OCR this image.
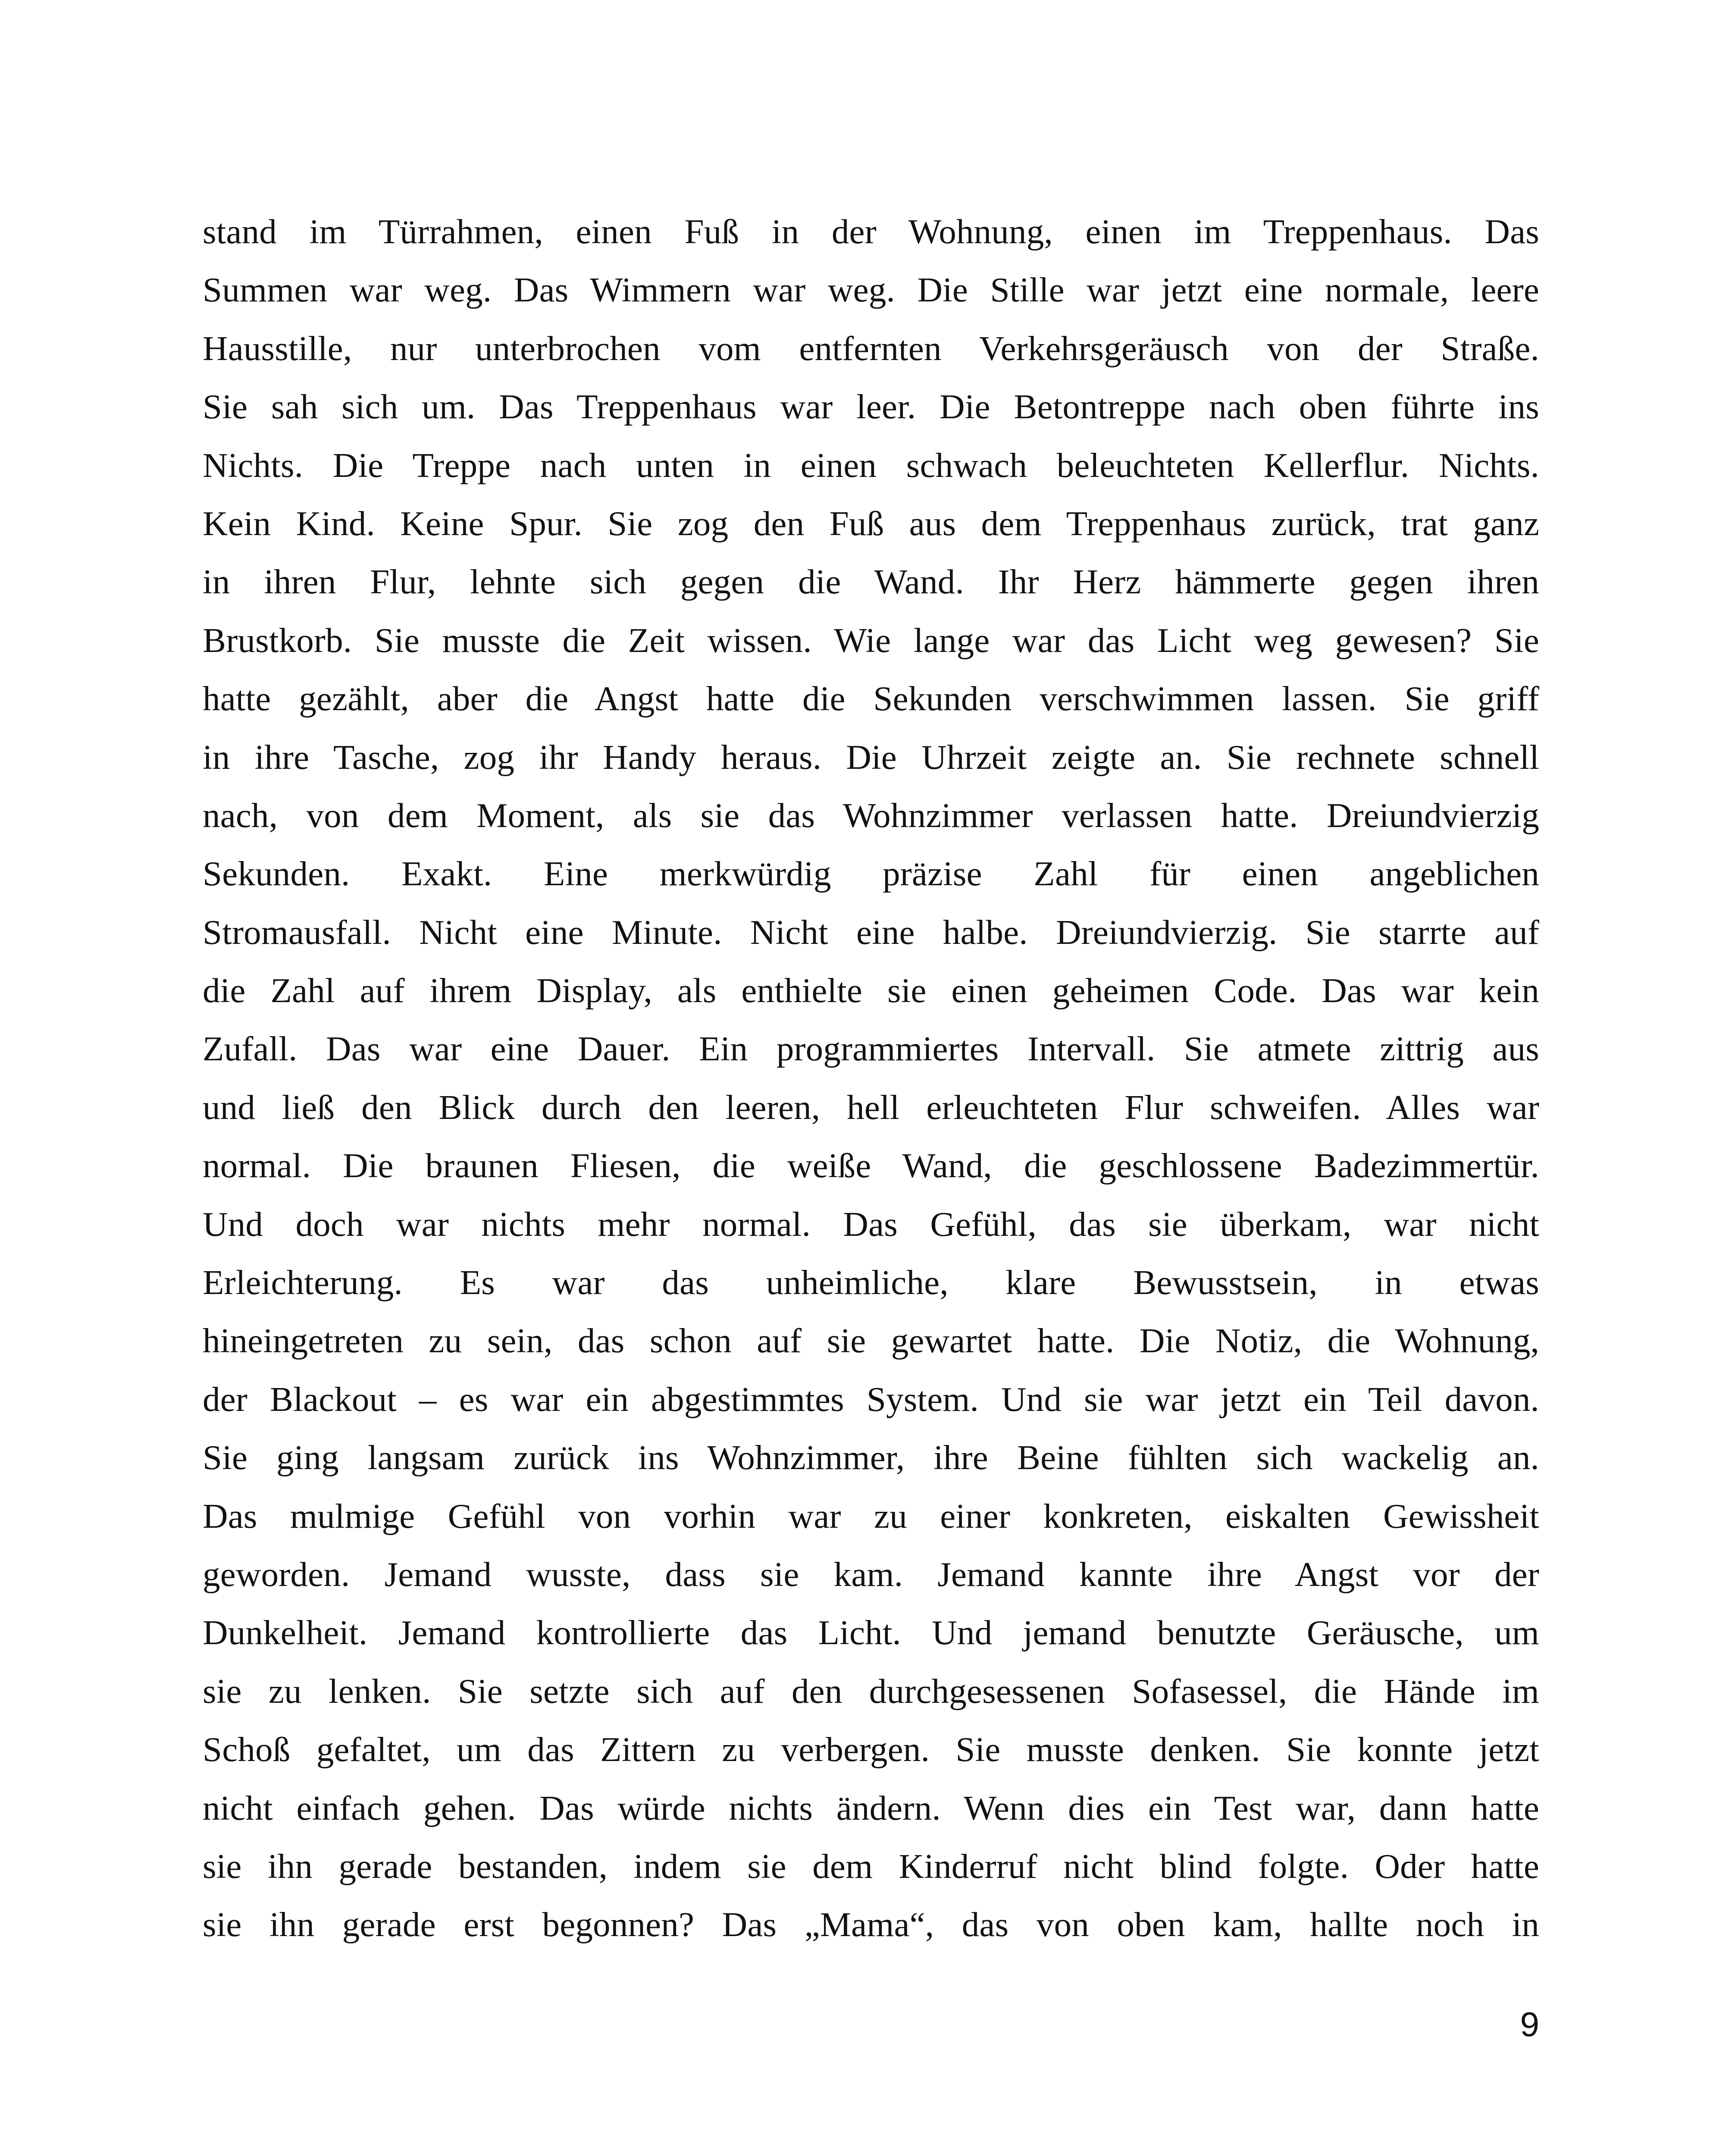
stand im Türrahmen, einen Fuß in der Wohnung, einen im Treppenhaus. Das
Summen war weg. Das Wimmern war weg. Die Stille war jetzt eine normale, leere
Hausstille, nur unterbrochen vom entfernten Verkehrsgeräusch von der Straße.
Sie sah sich um. Das Treppenhaus war leer. Die Betontreppe nach oben führte ins
Nichts. Die Treppe nach unten in einen schwach beleuchteten Kellerflur. Nichts.
Kein Kind. Keine Spur. Sie zog den Fuß aus dem Treppenhaus zurück, trat ganz
in ihren Flur, lehnte sich gegen die Wand. Ihr Herz hämmerte gegen ihren
Brustkorb. Sie musste die Zeit wissen. Wie lange war das Licht weg gewesen? Sie
hatte gezählt, aber die Angst hatte die Sekunden verschwimmen lassen. Sie griff
in ihre Tasche, zog ihr Handy heraus. Die Uhrzeit zeigte an. Sie rechnete schnell
nach, von dem Moment, als sie das Wohnzimmer verlassen hatte. Dreiundvierzig
Sekunden. Exakt. Eine merkwürdig präzise Zahl für einen angeblichen
Stromausfall. Nicht eine Minute. Nicht eine halbe. Dreiundvierzig. Sie starrte auf
die Zahl auf ihrem Display, als enthielte sie einen geheimen Code. Das war kein
Zufall. Das war eine Dauer. Ein programmiertes Intervall. Sie atmete zittrig aus
und ließ den Blick durch den leeren, hell erleuchteten Flur schweifen. Alles war
normal. Die braunen Fliesen, die weiße Wand, die geschlossene Badezimmertür.
Und doch war nichts mehr normal. Das Gefühl, das sie überkam, war nicht
Erleichterung. Es war das unheimliche, klare Bewusstsein, in etwas
hineingetreten zu sein, das schon auf sie gewartet hatte. Die Notiz, die Wohnung,
der Blackout – es war ein abgestimmtes System. Und sie war jetzt ein Teil davon.
Sie ging langsam zurück ins Wohnzimmer, ihre Beine fühlten sich wackelig an.
Das mulmige Gefühl von vorhin war zu einer konkreten, eiskalten Gewissheit
geworden. Jemand wusste, dass sie kam. Jemand kannte ihre Angst vor der
Dunkelheit. Jemand kontrollierte das Licht. Und jemand benutzte Geräusche, um
sie zu lenken. Sie setzte sich auf den durchgesessenen Sofasessel, die Hände im
Schoß gefaltet, um das Zittern zu verbergen. Sie musste denken. Sie konnte jetzt
nicht einfach gehen. Das würde nichts ändern. Wenn dies ein Test war, dann hatte
sie ihn gerade bestanden, indem sie dem Kinderruf nicht blind folgte. Oder hatte
sie ihn gerade erst begonnen? Das „Mama“, das von oben kam, hallte noch in
9
